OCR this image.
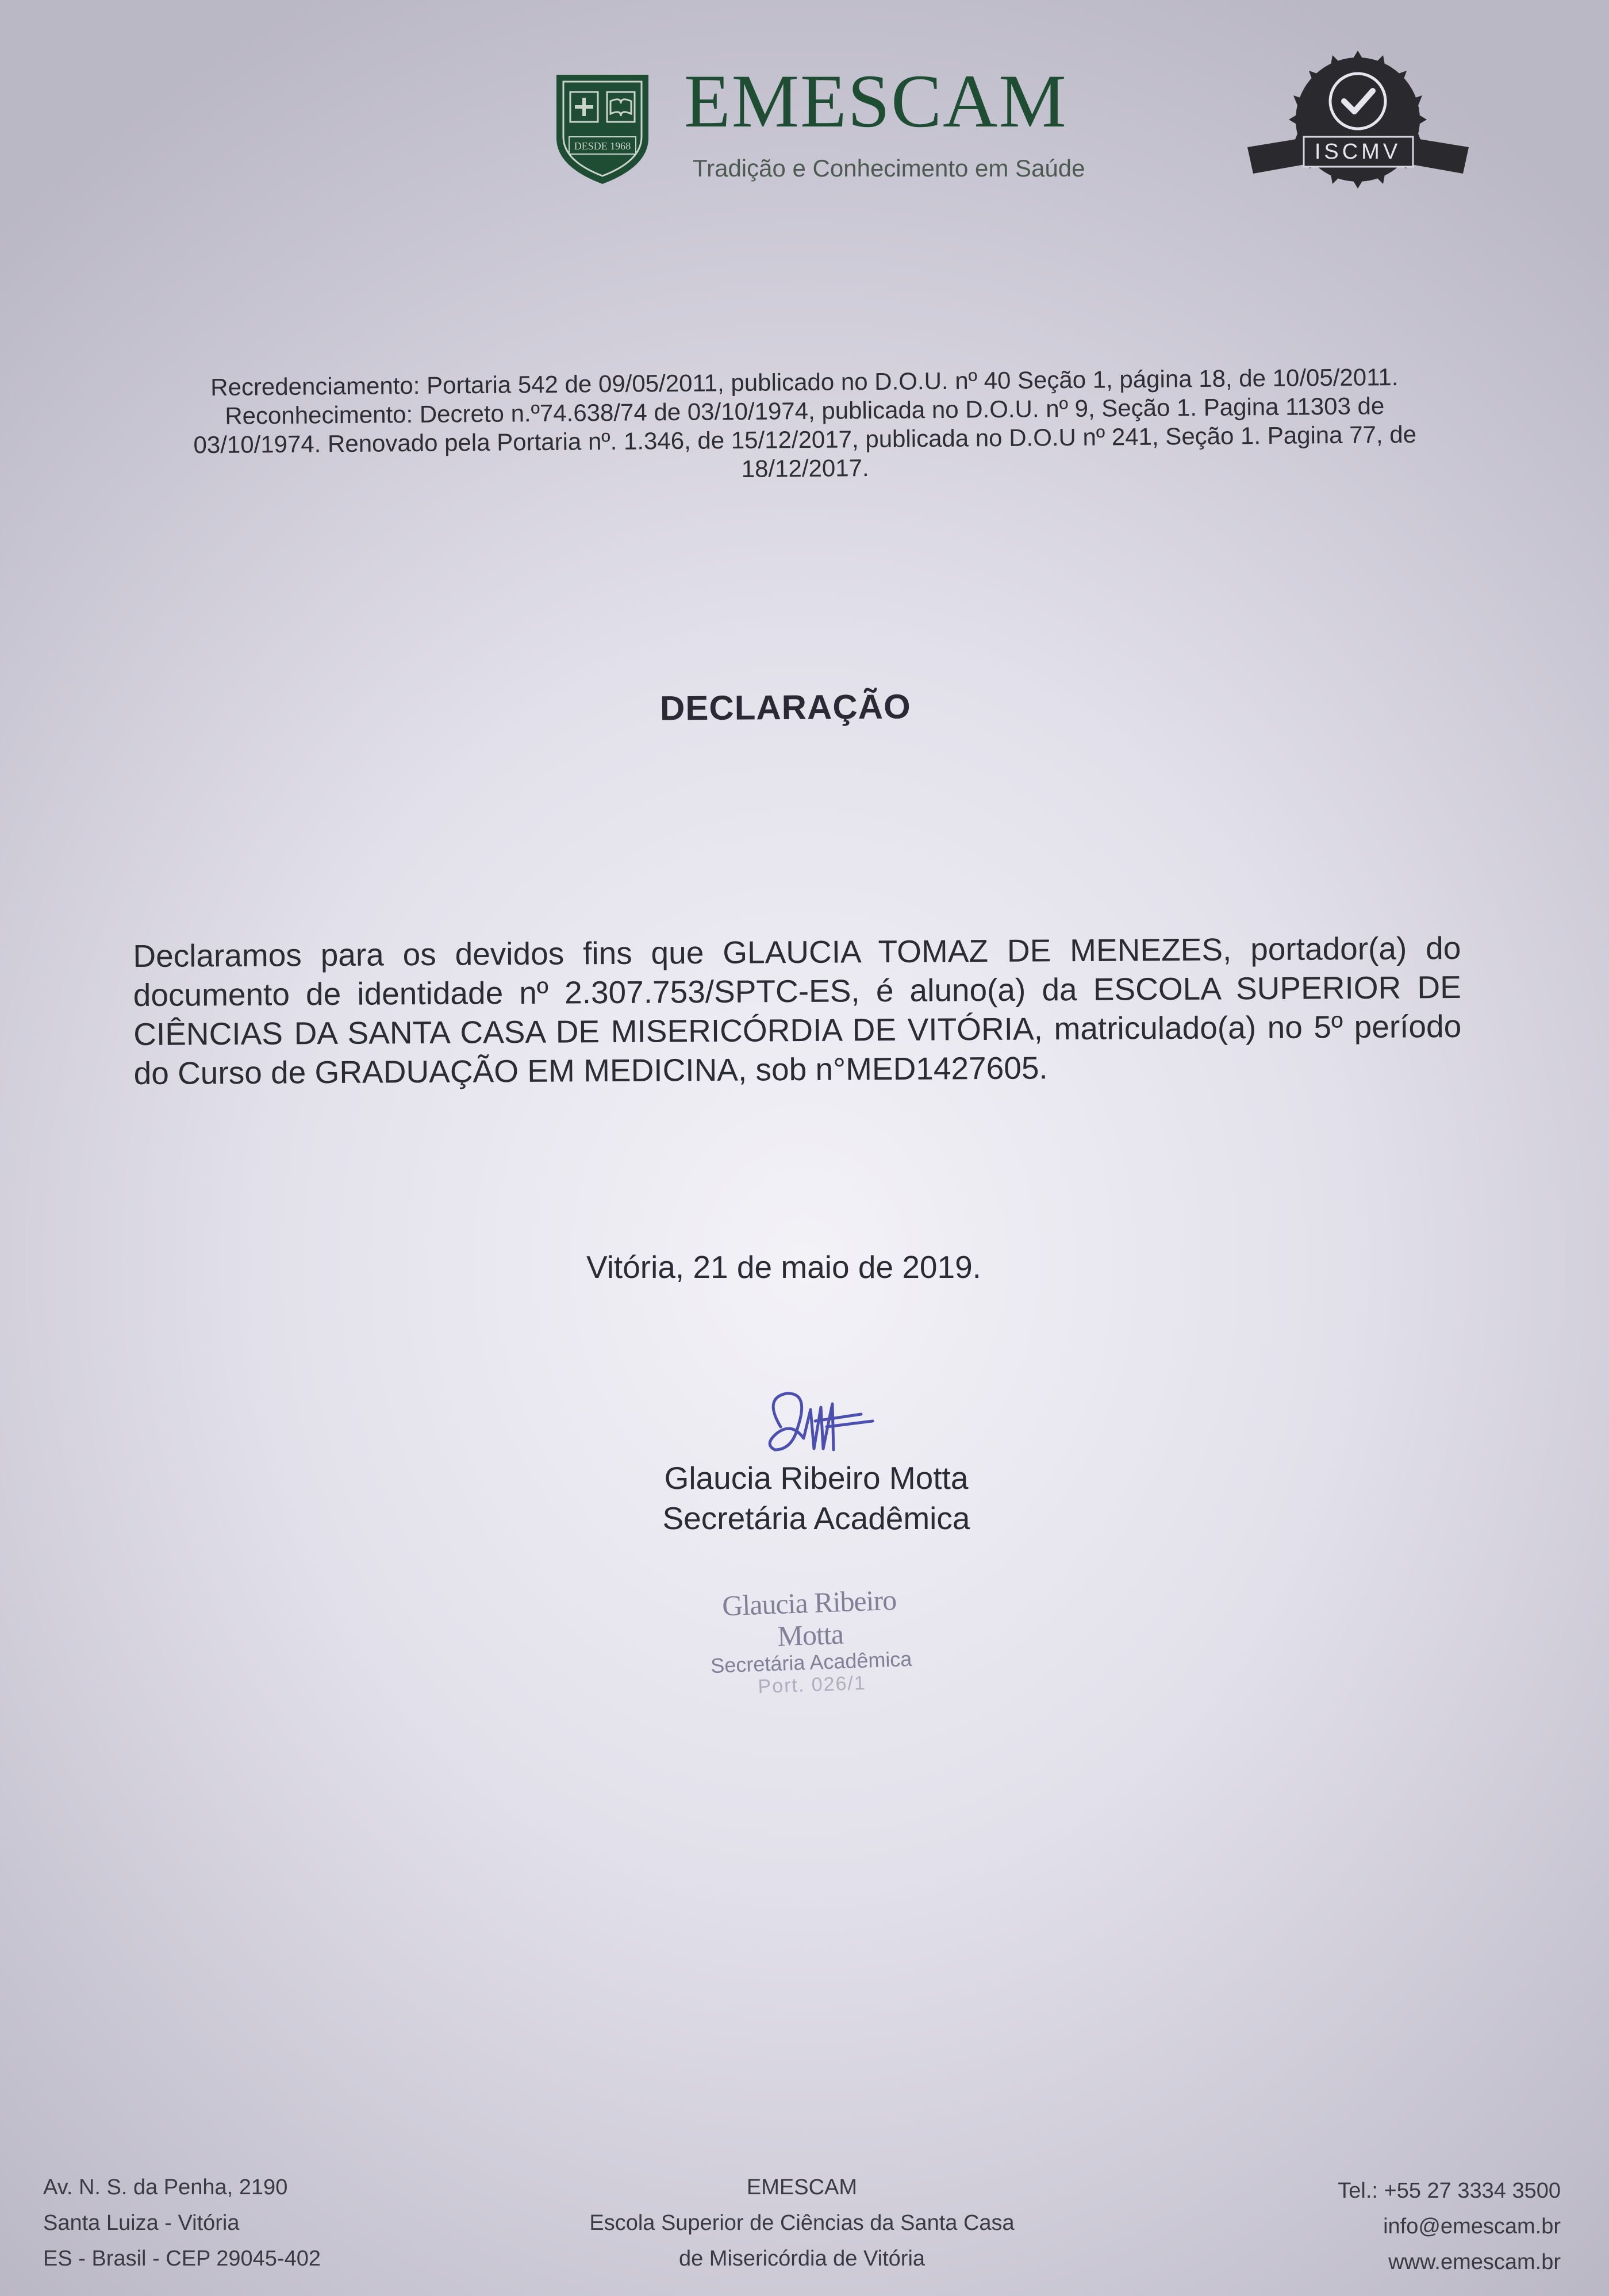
DESDE 1968
EMESCAM
Tradição e Conhecimento em Saúde
ISCMV

Recredenciamento: Portaria 542 de 09/05/2011, publicado no D.O.U. nº 40 Seção 1, página 18, de 10/05/2011.

Reconhecimento: Decreto n.º74.638/74 de 03/10/1974, publicada no D.O.U. nº 9, Seção 1. Pagina 11303 de

03/10/1974. Renovado pela Portaria nº. 1.346, de 15/12/2017, publicada no D.O.U nº 241, Seção 1. Pagina 77, de

18/12/2017.

DECLARAÇÃO
Declaramos para os devidos fins que GLAUCIA TOMAZ DE MENEZES, portador(a) do documento de identidade nº 2.307.753/SPTC-ES, é aluno(a) da ESCOLA SUPERIOR DE CIÊNCIAS DA SANTA CASA DE MISERICÓRDIA DE VITÓRIA, matriculado(a) no 5º período do Curso de GRADUAÇÃO EM MEDICINA, sob n°MED1427605.
Vitória, 21 de maio de 2019.

Glaucia Ribeiro Motta

Secretária Acadêmica

Glaucia Ribeiro Motta
Secretária Acadêmica
Port. 026/1

Av. N. S. da Penha, 2190

Santa Luiza - Vitória

ES - Brasil - CEP 29045-402

EMESCAM

Escola Superior de Ciências da Santa Casa

de Misericórdia de Vitória

Tel.: +55 27 3334 3500

info@emescam.br

www.emescam.br
